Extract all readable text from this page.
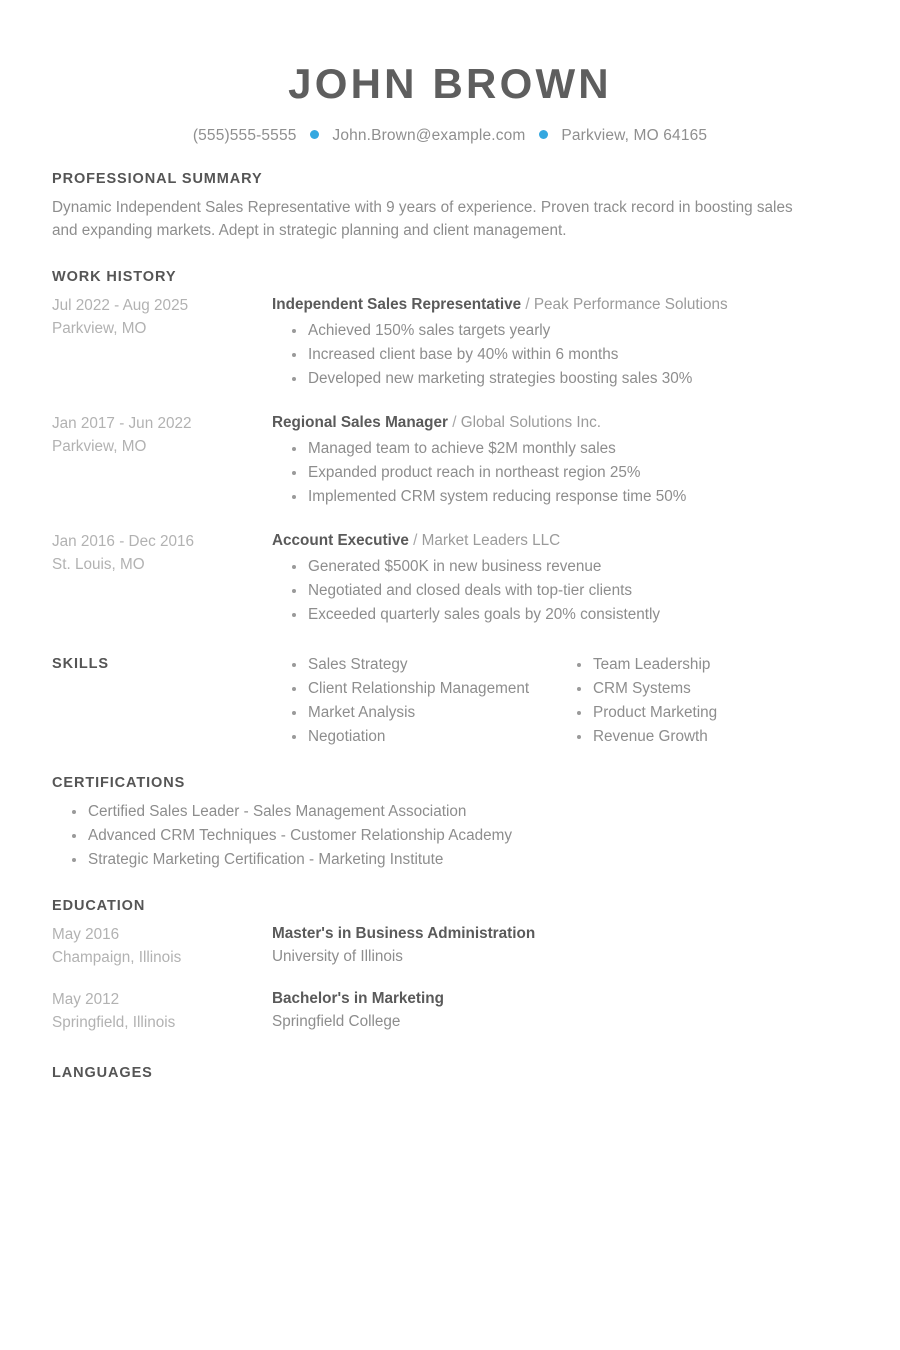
JOHN BROWN
(555)555-5555 John.Brown@example.com Parkview, MO 64165
PROFESSIONAL SUMMARY

Dynamic Independent Sales Representative with 9 years of experience. Proven track record in boosting sales and expanding markets. Adept in strategic planning and client management.

WORK HISTORY
Jul 2022 - Aug 2025
Parkview, MO

Independent Sales Representative / Peak Performance Solutions

Achieved 150% sales targets yearly
Increased client base by 40% within 6 months
Developed new marketing strategies boosting sales 30%
Jan 2017 - Jun 2022
Parkview, MO

Regional Sales Manager / Global Solutions Inc.

Managed team to achieve $2M monthly sales
Expanded product reach in northeast region 25%
Implemented CRM system reducing response time 50%
Jan 2016 - Dec 2016
St. Louis, MO

Account Executive / Market Leaders LLC

Generated $500K in new business revenue
Negotiated and closed deals with top-tier clients
Exceeded quarterly sales goals by 20% consistently
SKILLS	Sales Strategy
Client Relationship Management
Market Analysis
Negotiation
Team Leadership
CRM Systems
Product Marketing
Revenue Growth
CERTIFICATIONS
Certified Sales Leader - Sales Management Association
Advanced CRM Techniques - Customer Relationship Academy
Strategic Marketing Certification - Marketing Institute
EDUCATION
May 2016
Champaign, Illinois

Master's in Business Administration

University of Illinois

May 2012
Springfield, Illinois

Bachelor's in Marketing

Springfield College

LANGUAGES
